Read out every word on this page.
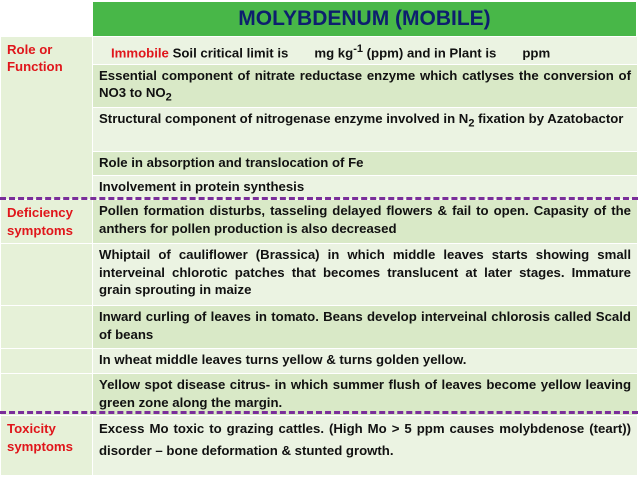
MOLYBDENUM (MOBILE)
Role or Function	Immobile Soil critical limit is mg $kg^{-1}$ (ppm) and in Plant is ppm
	Essential component of nitrate reductase enzyme which catlyses the conversion of NO3 to $NO_2$
	Structural component of nitrogenase enzyme involved in $N_2$ fixation by Azatobactor
	Role in absorption and translocation of Fe
	Involvement in protein synthesis
Deficiency symptoms	Pollen formation disturbs, tasseling delayed flowers & fail to open. Capasity of the anthers for pollen production is also decreased
	Whiptail of cauliflower (Brassica) in which middle leaves starts showing small interveinal chlorotic patches that becomes translucent at later stages. Immature grain sprouting in maize
	Inward curling of leaves in tomato. Beans develop interveinal chlorosis called Scald of beans
	In wheat middle leaves turns yellow & turns golden yellow.
	Yellow spot disease citrus- in which summer flush of leaves become yellow leaving green zone along the margin.
Toxicity symptoms	Excess Mo toxic to grazing cattles. (High Mo > 5 ppm causes molybdenose (teart)) disorder – bone deformation & stunted growth.
